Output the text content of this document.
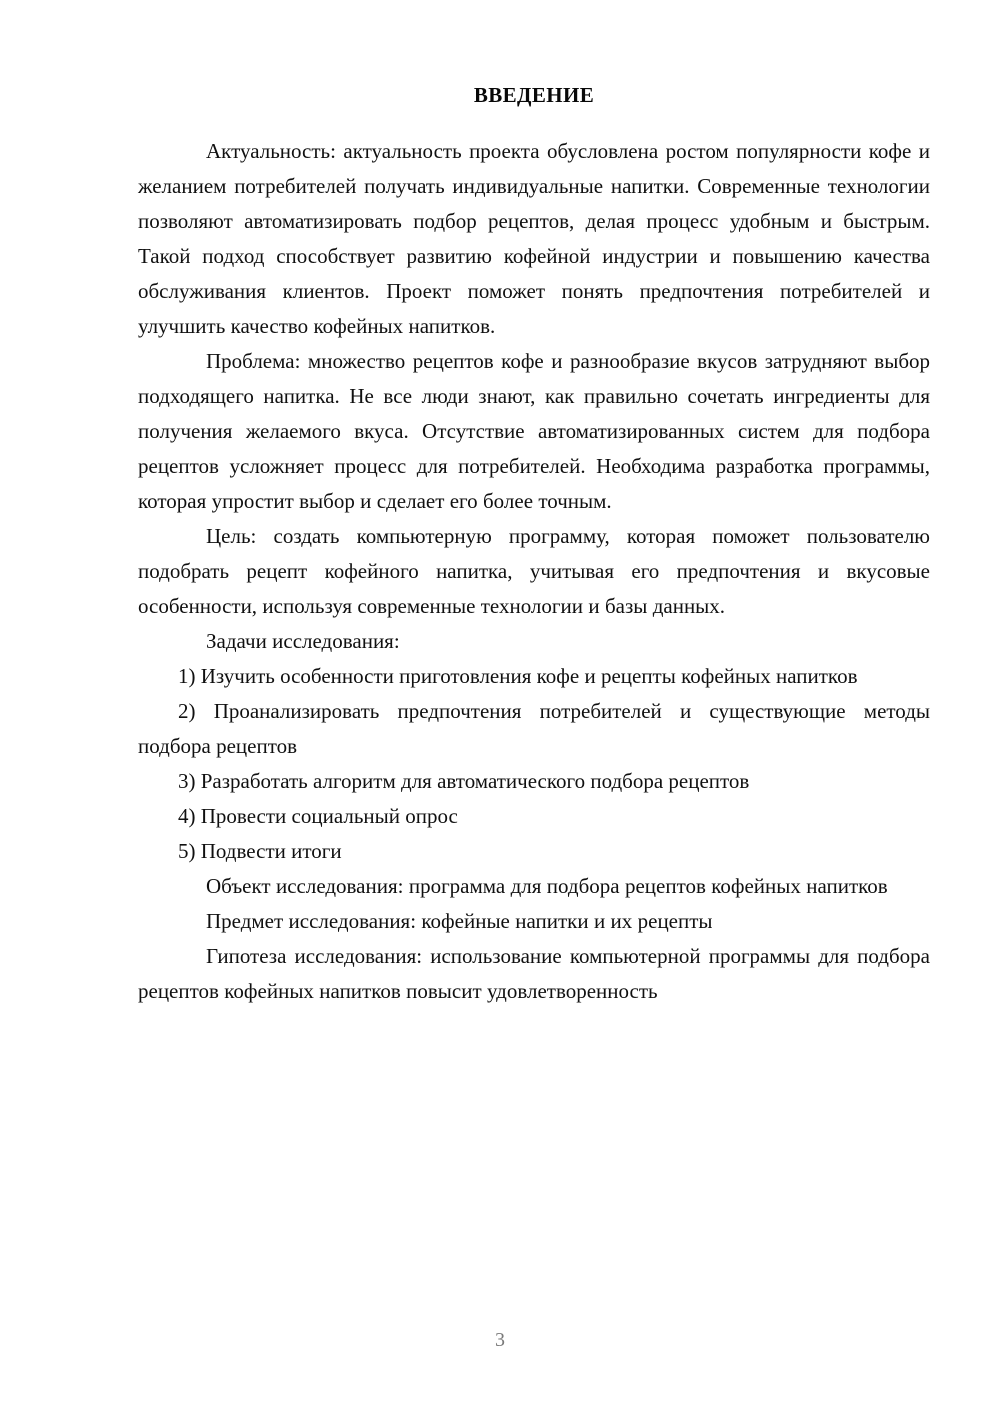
ВВЕДЕНИЕ

Актуальность: актуальность проекта обусловлена ростом популярности кофе и желанием потребителей получать индивидуальные напитки. Современные технологии позволяют автоматизировать подбор рецептов, делая процесс удобным и быстрым. Такой подход способствует развитию кофейной индустрии и повышению качества обслуживания клиентов. Проект поможет понять предпочтения потребителей и улучшить качество кофейных напитков.

Проблема: множество рецептов кофе и разнообразие вкусов затрудняют выбор подходящего напитка. Не все люди знают, как правильно сочетать ингредиенты для получения желаемого вкуса. Отсутствие автоматизированных систем для подбора рецептов усложняет процесс для потребителей. Необходима разработка программы, которая упростит выбор и сделает его более точным.

Цель: создать компьютерную программу, которая поможет пользователю подобрать рецепт кофейного напитка, учитывая его предпочтения и вкусовые особенности, используя современные технологии и базы данных.

Задачи исследования:

1) Изучить особенности приготовления кофе и рецепты кофейных напитков

2) Проанализировать предпочтения потребителей и существующие методы подбора рецептов

3) Разработать алгоритм для автоматического подбора рецептов

4) Провести социальный опрос

5) Подвести итоги

Объект исследования: программа для подбора рецептов кофейных напитков

Предмет исследования: кофейные напитки и их рецепты

Гипотеза исследования: использование компьютерной программы для подбора рецептов кофейных напитков повысит удовлетворенность

3
